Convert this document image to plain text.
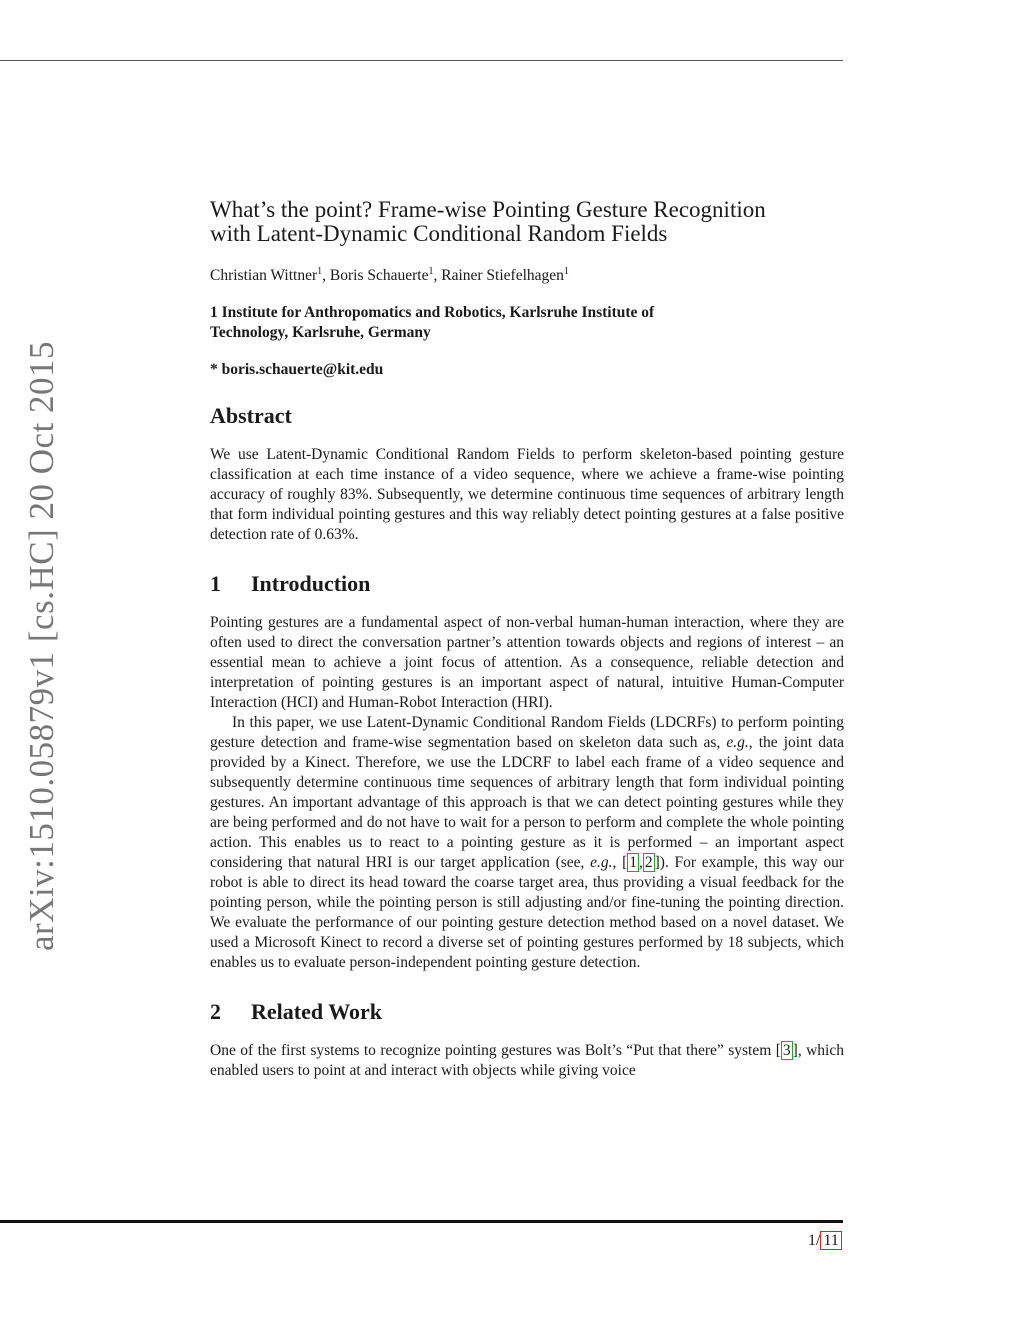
arXiv:1510.05879v1 [cs.HC] 20 Oct 2015
What’s the point? Frame-wise Pointing Gesture Recognition
with Latent-Dynamic Conditional Random Fields
Christian Wittner$^1$, Boris Schauerte$^1$, Rainer Stiefelhagen$^1$
1 Institute for Anthropomatics and Robotics, Karlsruhe Institute of
Technology, Karlsruhe, Germany
* boris.schauerte@kit.edu
Abstract

We use Latent-Dynamic Conditional Random Fields to perform skeleton-based pointing gesture classification at each time instance of a video sequence, where we achieve a frame-wise pointing accuracy of roughly 83%. Subsequently, we determine continuous time sequences of arbitrary length that form individual pointing gestures and this way reliably detect pointing gestures at a false positive detection rate of 0.63%.

1 Introduction

Pointing gestures are a fundamental aspect of non-verbal human-human interaction, where they are often used to direct the conversation partner’s attention towards objects and regions of interest – an essential mean to achieve a joint focus of attention. As a consequence, reliable detection and interpretation of pointing gestures is an important aspect of natural, intuitive Human-Computer Interaction (HCI) and Human-Robot Interaction (HRI).

In this paper, we use Latent-Dynamic Conditional Random Fields (LDCRFs) to perform pointing gesture detection and frame-wise segmentation based on skeleton data such as, e.g., the joint data provided by a Kinect. Therefore, we use the LDCRF to label each frame of a video sequence and subsequently determine continuous time sequences of arbitrary length that form individual pointing gestures. An important advantage of this approach is that we can detect pointing gestures while they are being performed and do not have to wait for a person to perform and complete the whole pointing action. This enables us to react to a pointing gesture as it is performed – an important aspect considering that natural HRI is our target application (see, e.g., [ 1 , 2 ]). For example, this way our robot is able to direct its head toward the coarse target area, thus providing a visual feedback for the pointing person, while the pointing person is still adjusting and/or fine-tuning the pointing direction. We evaluate the performance of our pointing gesture detection method based on a novel dataset. We used a Microsoft Kinect to record a diverse set of pointing gestures performed by 18 subjects, which enables us to evaluate person-independent pointing gesture detection.

2 Related Work

One of the first systems to recognize pointing gestures was Bolt’s “Put that there” system [ 3 ], which enabled users to point at and interact with objects while giving voice

1/ 11
